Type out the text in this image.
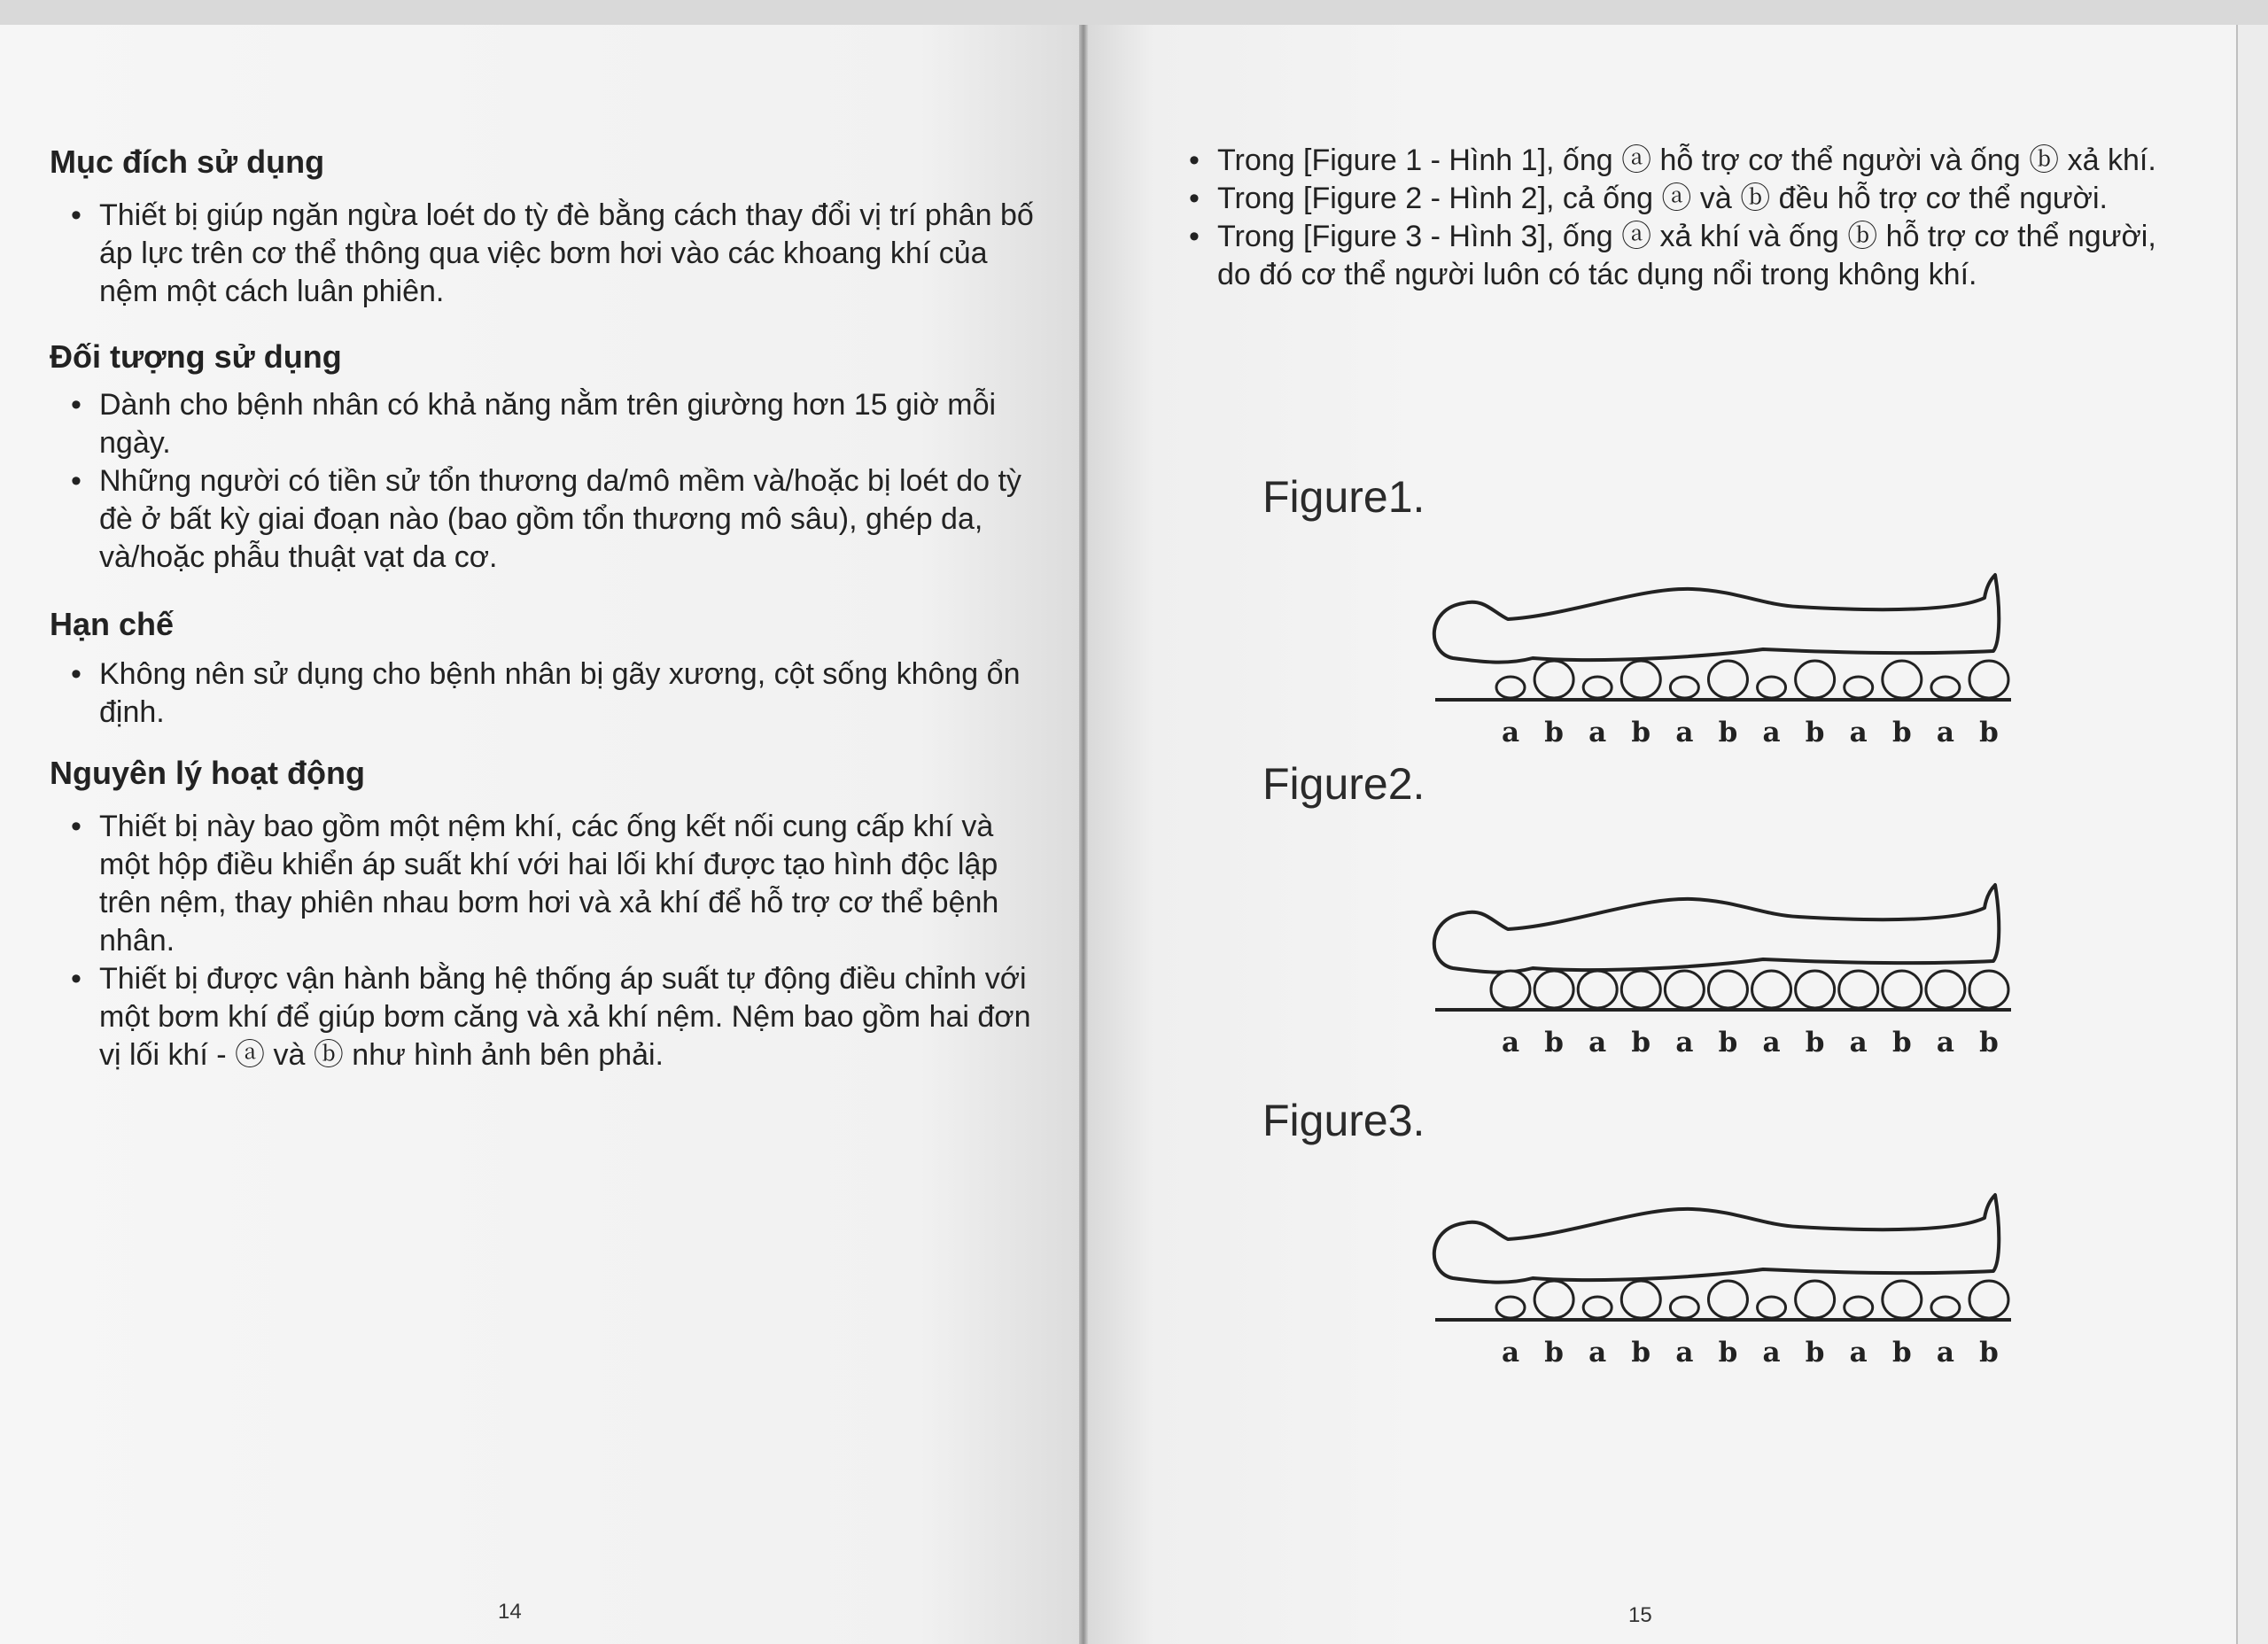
Mục đích sử dụng
• Thiết bị giúp ngăn ngừa loét do tỳ đè bằng cách thay đổi vị trí phân bố áp lực trên cơ thể thông qua việc bơm hơi vào các khoang khí của nệm một cách luân phiên.
Đối tượng sử dụng
• Dành cho bệnh nhân có khả năng nằm trên giường hơn 15 giờ mỗi ngày.
• Những người có tiền sử tổn thương da/mô mềm và/hoặc bị loét do tỳ đè ở bất kỳ giai đoạn nào (bao gồm tổn thương mô sâu), ghép da, và/hoặc phẫu thuật vạt da cơ.
Hạn chế
• Không nên sử dụng cho bệnh nhân bị gãy xương, cột sống không ổn định.
Nguyên lý hoạt động
• Thiết bị này bao gồm một nệm khí, các ống kết nối cung cấp khí và một hộp điều khiển áp suất khí với hai lối khí được tạo hình độc lập trên nệm, thay phiên nhau bơm hơi và xả khí để hỗ trợ cơ thể bệnh nhân.
• Thiết bị được vận hành bằng hệ thống áp suất tự động điều chỉnh với một bơm khí để giúp bơm căng và xả khí nệm. Nệm bao gồm hai đơn vị lối khí - ⓐ và ⓑ như hình ảnh bên phải.
14
• Trong [Figure 1 - Hình 1], ống ⓐ hỗ trợ cơ thể người và ống ⓑ xả khí.
• Trong [Figure 2 - Hình 2], cả ống ⓐ và ⓑ đều hỗ trợ cơ thể người.
• Trong [Figure 3 - Hình 3], ống ⓐ xả khí và ống ⓑ hỗ trợ cơ thể người, do đó cơ thể người luôn có tác dụng nổi trong không khí.
Figure1.
Figure2.
Figure3.
a b a b a b a b a b a b
a b a b a b a b a b a b
a b a b a b a b a b a b
15
